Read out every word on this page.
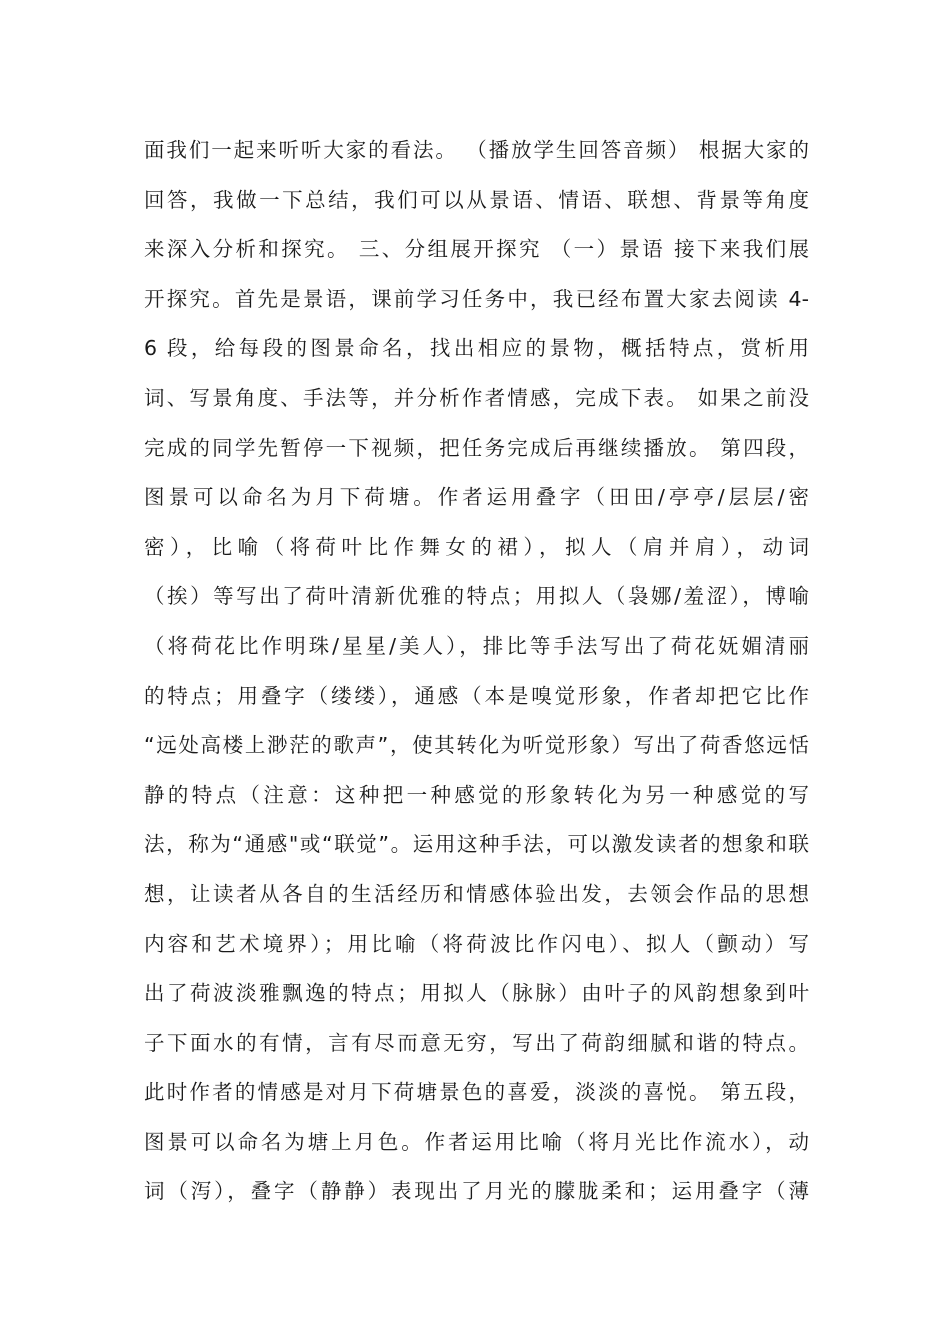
面我们一起来听听大家的看法。 （播放学生回答音频） 根据大家的
回答，我做一下总结，我们可以从景语、情语、联想、背景等角度
来深入分析和探究。 三、分组展开探究 （一）景语 接下来我们展
开探究。首先是景语，课前学习任务中，我已经布置大家去阅读 4-
6 段，给每段的图景命名，找出相应的景物，概括特点，赏析用
词、写景角度、手法等，并分析作者情感，完成下表。 如果之前没
完成的同学先暂停一下视频，把任务完成后再继续播放。 第四段，
图景可以命名为月下荷塘。作者运用叠字（田田/亭亭/层层/密
密），比喻（将荷叶比作舞女的裙），拟人（肩并肩），动词
（挨）等写出了荷叶清新优雅的特点；用拟人（袅娜/羞涩），博喻
（将荷花比作明珠/星星/美人），排比等手法写出了荷花妩媚清丽
的特点；用叠字（缕缕），通感（本是嗅觉形象，作者却把它比作
“远处高楼上渺茫的歌声”，使其转化为听觉形象）写出了荷香悠远恬
静的特点（注意：这种把一种感觉的形象转化为另一种感觉的写
法，称为“通感"或“联觉”。运用这种手法，可以激发读者的想象和联
想，让读者从各自的生活经历和情感体验出发，去领会作品的思想
内容和艺术境界）；用比喻（将荷波比作闪电）、拟人（颤动）写
出了荷波淡雅飘逸的特点；用拟人（脉脉）由叶子的风韵想象到叶
子下面水的有情，言有尽而意无穷，写出了荷韵细腻和谐的特点。
此时作者的情感是对月下荷塘景色的喜爱，淡淡的喜悦。 第五段，
图景可以命名为塘上月色。作者运用比喻（将月光比作流水），动
词（泻），叠字（静静）表现出了月光的朦胧柔和；运用叠字（薄
